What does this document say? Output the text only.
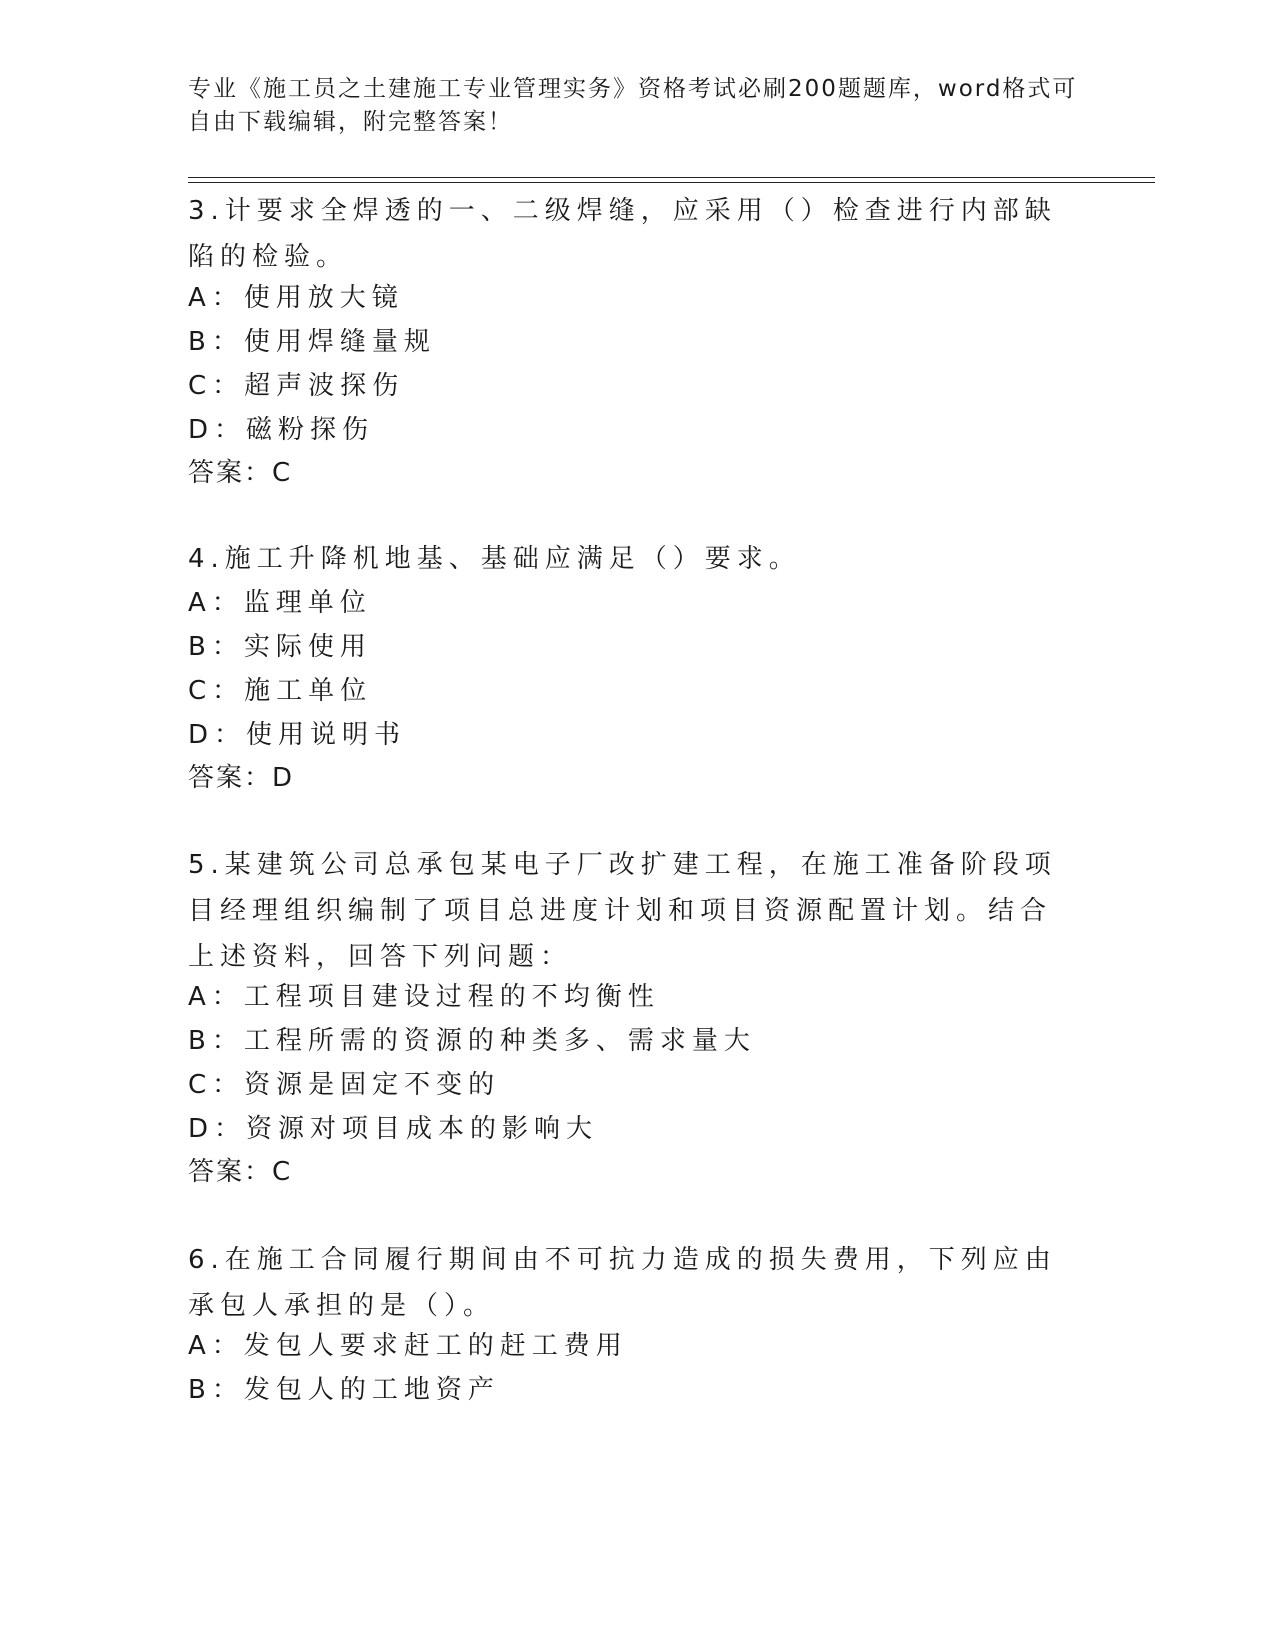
专业《施工员之土建施工专业管理实务》资格考试必刷200题题库，word格式可自由下载编辑，附完整答案！
3.计要求全焊透的一、二级焊缝，应采用（）检查进行内部缺陷的检验。
A：使用放大镜
B：使用焊缝量规
C：超声波探伤
D：磁粉探伤
答案：C
4.施工升降机地基、基础应满足（）要求。
A：监理单位
B：实际使用
C：施工单位
D：使用说明书
答案：D
5.某建筑公司总承包某电子厂改扩建工程，在施工准备阶段项目经理组织编制了项目总进度计划和项目资源配置计划。结合上述资料，回答下列问题：
A：工程项目建设过程的不均衡性
B：工程所需的资源的种类多、需求量大
C：资源是固定不变的
D：资源对项目成本的影响大
答案：C
6.在施工合同履行期间由不可抗力造成的损失费用，下列应由承包人承担的是（）。
A：发包人要求赶工的赶工费用
B：发包人的工地资产
